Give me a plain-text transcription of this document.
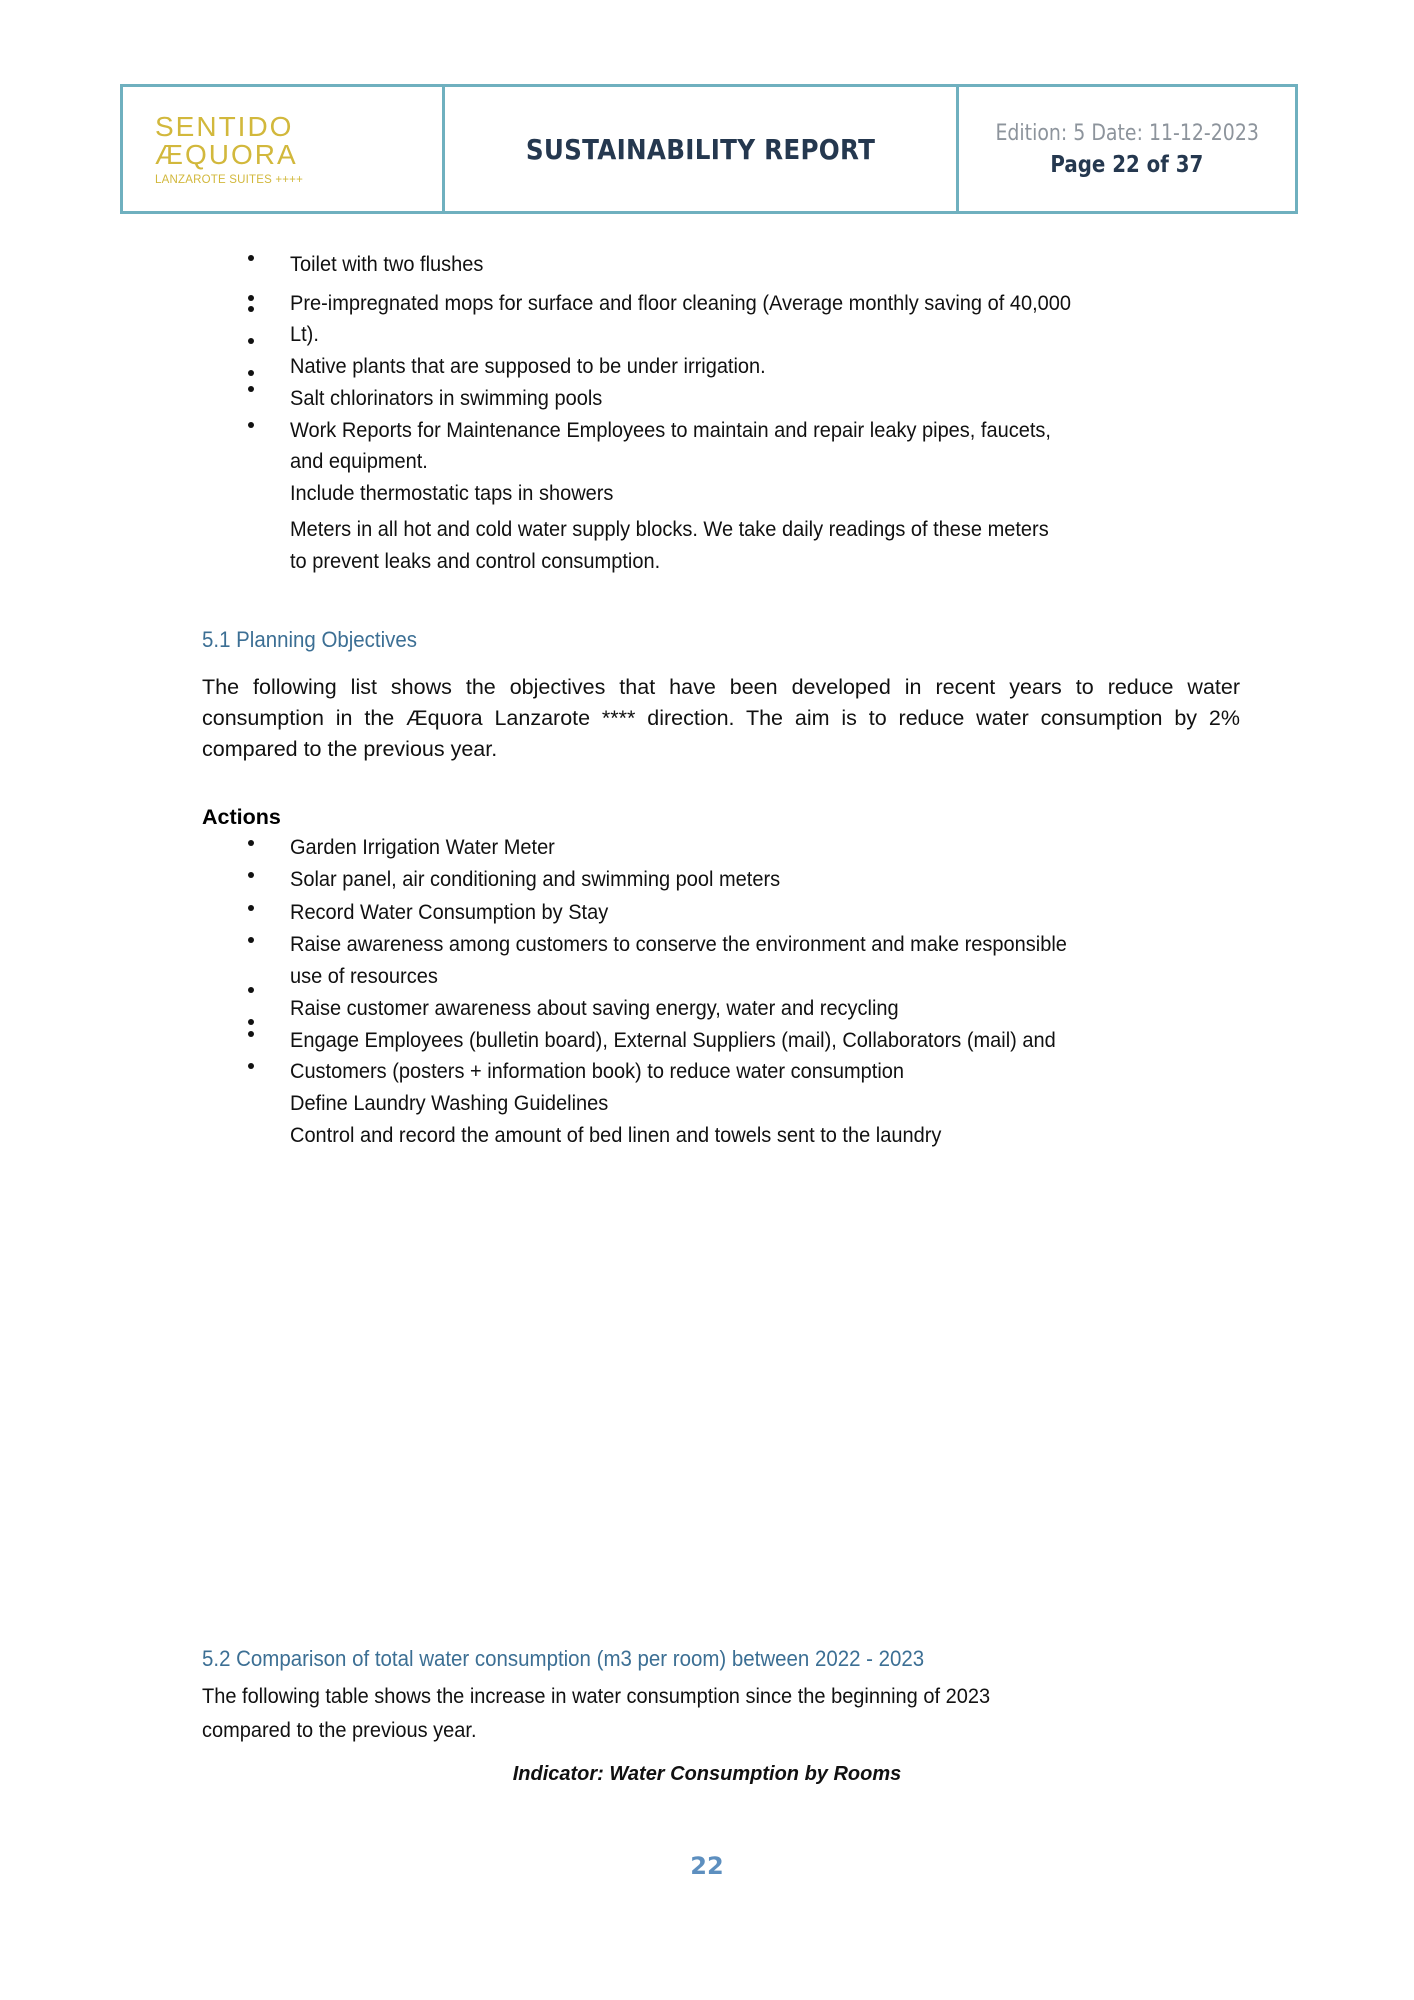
SENTIDO ÆQUORA
LANZAROTE SUITES ++++
SUSTAINABILITY REPORT	Edition: 5 Date: 11-12-2023
Page 22 of 37
Toilet with two flushes
Pre-impregnated mops for surface and floor cleaning (Average monthly saving of 40,000
Lt).
Native plants that are supposed to be under irrigation.
Salt chlorinators in swimming pools
Work Reports for Maintenance Employees to maintain and repair leaky pipes, faucets,
and equipment.
Include thermostatic taps in showers
Meters in all hot and cold water supply blocks. We take daily readings of these meters
to prevent leaks and control consumption.
5.1 Planning Objectives
The following list shows the objectives that have been developed in recent years to reduce water consumption in the Æquora Lanzarote **** direction. The aim is to reduce water consumption by 2% compared to the previous year.
Actions
Garden Irrigation Water Meter
Solar panel, air conditioning and swimming pool meters
Record Water Consumption by Stay
Raise awareness among customers to conserve the environment and make responsible
use of resources
Raise customer awareness about saving energy, water and recycling
Engage Employees (bulletin board), External Suppliers (mail), Collaborators (mail) and
Customers (posters + information book) to reduce water consumption
Define Laundry Washing Guidelines
Control and record the amount of bed linen and towels sent to the laundry
5.2 Comparison of total water consumption (m3 per room) between 2022 - 2023
The following table shows the increase in water consumption since the beginning of 2023
compared to the previous year.
Indicator: Water Consumption by Rooms
22
